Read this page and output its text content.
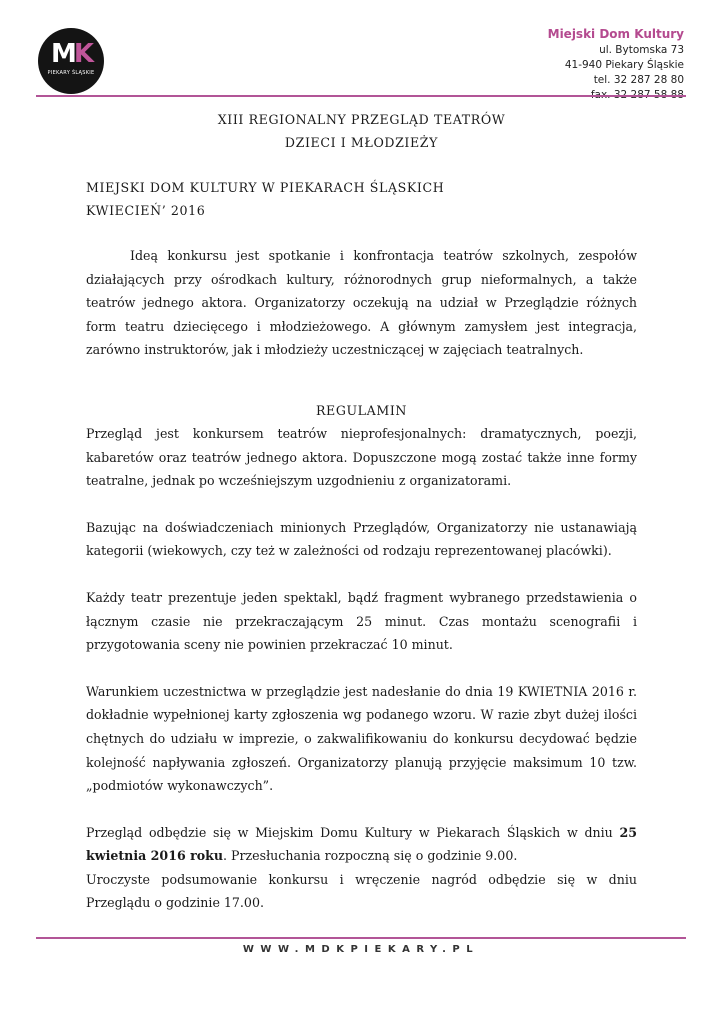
MK
PIEKARY ŚLĄSKIE
Miejski Dom Kultury
ul. Bytomska 73
41-940 Piekary Śląskie
tel. 32 287 28 80

XIII REGIONALNY PRZEGLĄD TEATRÓW

DZIECI I MŁODZIEŻY

MIEJSKI DOM KULTURY W PIEKARACH ŚLĄSKICH

KWIECIEŃ’ 2016

Ideą konkursu jest spotkanie i konfrontacja teatrów szkolnych, zespołów działających przy ośrodkach kultury, różnorodnych grup nieformalnych, a także teatrów jednego aktora. Organizatorzy oczekują na udział w Przeglądzie różnych form teatru dziecięcego i młodzieżowego. A głównym zamysłem jest integracja, zarówno instruktorów, jak i młodzieży uczestniczącej w zajęciach teatralnych.

REGULAMIN

Przegląd jest konkursem teatrów nieprofesjonalnych: dramatycznych, poezji, kabaretów oraz teatrów jednego aktora. Dopuszczone mogą zostać także inne formy teatralne, jednak po wcześniejszym uzgodnieniu z organizatorami.

Bazując na doświadczeniach minionych Przeglądów, Organizatorzy nie ustanawiają kategorii (wiekowych, czy też w zależności od rodzaju reprezentowanej placówki).

Każdy teatr prezentuje jeden spektakl, bądź fragment wybranego przedstawienia o łącznym czasie nie przekraczającym 25 minut. Czas montażu scenografii i przygotowania sceny nie powinien przekraczać 10 minut.

Warunkiem uczestnictwa w przeglądzie jest nadesłanie do dnia 19 KWIETNIA 2016 r. dokładnie wypełnionej karty zgłoszenia wg podanego wzoru. W razie zbyt dużej ilości chętnych do udziału w imprezie, o zakwalifikowaniu do konkursu decydować będzie kolejność napływania zgłoszeń. Organizatorzy planują przyjęcie maksimum 10 tzw. „podmiotów wykonawczych”.

Przegląd odbędzie się w Miejskim Domu Kultury w Piekarach Śląskich w dniu 25 kwietnia 2016 roku. Przesłuchania rozpoczną się o godzinie 9.00.

Uroczyste podsumowanie konkursu i wręczenie nagród odbędzie się w dniu Przeglądu o godzinie 17.00.

WWW.MDKPIEKARY.PL
